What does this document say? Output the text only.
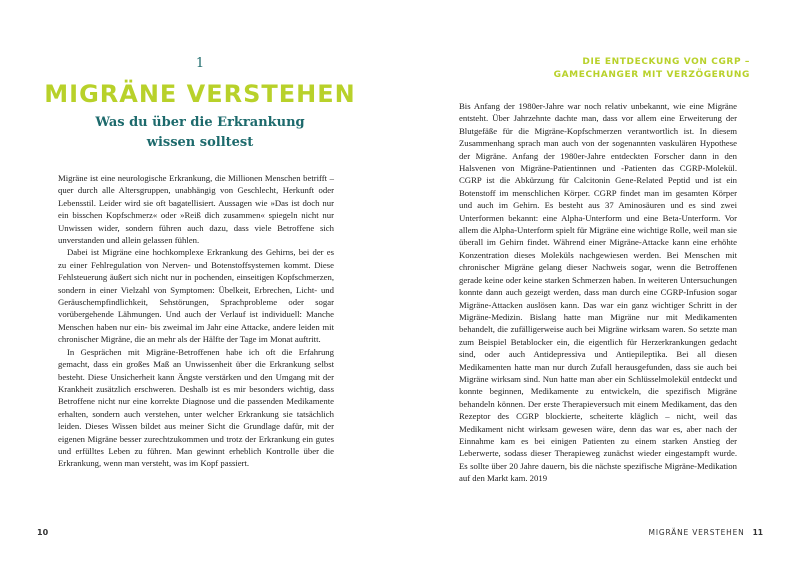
1
MIGRÄNE VERSTEHEN
Was du über die Erkrankung
wissen solltest

Migräne ist eine neurologische Erkrankung, die Millionen Menschen betrifft – quer durch alle Altersgruppen, unabhängig von Geschlecht, Herkunft oder Lebensstil. Leider wird sie oft bagatellisiert. Aussagen wie »Das ist doch nur ein bisschen Kopfschmerz« oder »Reiß dich zusammen« spiegeln nicht nur Unwissen wider, sondern führen auch dazu, dass viele Betroffene sich unverstanden und allein gelassen fühlen.

Dabei ist Migräne eine hochkomplexe Erkrankung des Gehirns, bei der es zu einer Fehlregulation von Nerven- und Botenstoffsystemen kommt. Diese Fehlsteuerung äußert sich nicht nur in pochenden, einseitigen Kopfschmerzen, sondern in einer Vielzahl von Symptomen: Übelkeit, Erbrechen, Licht- und Geräuschempfindlichkeit, Sehstörungen, Sprachprobleme oder sogar vorübergehende Lähmungen. Und auch der Verlauf ist individuell: Manche Menschen haben nur ein- bis zweimal im Jahr eine Attacke, andere leiden mit chronischer Migräne, die an mehr als der Hälfte der Tage im Monat auftritt.

In Gesprächen mit Migräne-Betroffenen habe ich oft die Erfahrung gemacht, dass ein großes Maß an Unwissenheit über die Erkrankung selbst besteht. Diese Unsicherheit kann Ängste verstärken und den Umgang mit der Krankheit zusätzlich erschweren. Deshalb ist es mir besonders wichtig, dass Betroffene nicht nur eine korrekte Diagnose und die passenden Medikamente erhalten, sondern auch verstehen, unter welcher Erkrankung sie tatsächlich leiden. Dieses Wissen bildet aus meiner Sicht die Grundlage dafür, mit der eigenen Migräne besser zurechtzukommen und trotz der Erkrankung ein gutes und erfülltes Leben zu führen. Man gewinnt erheblich Kontrolle über die Erkrankung, wenn man versteht, was im Kopf passiert.

10
DIE ENTDECKUNG VON CGRP –
GAMECHANGER MIT VERZÖGERUNG

Bis Anfang der 1980er-Jahre war noch relativ unbekannt, wie eine Migräne entsteht. Über Jahrzehnte dachte man, dass vor allem eine Erweiterung der Blutgefäße für die Migräne-Kopfschmerzen verantwortlich ist. In diesem Zusammenhang sprach man auch von der sogenannten vaskulären Hypothese der Migräne. Anfang der 1980er-Jahre entdeckten Forscher dann in den Halsvenen von Migräne-Patientinnen und -Patienten das CGRP-Molekül. CGRP ist die Abkürzung für Calcitonin Gene-Related Peptid und ist ein Botenstoff im menschlichen Körper. CGRP findet man im gesamten Körper und auch im Gehirn. Es besteht aus 37 Aminosäuren und es sind zwei Unterformen bekannt: eine Alpha-Unterform und eine Beta-Unterform. Vor allem die Alpha-Unterform spielt für Migräne eine wichtige Rolle, weil man sie überall im Gehirn findet. Während einer Migräne-Attacke kann eine erhöhte Konzentration dieses Moleküls nachgewiesen werden. Bei Menschen mit chronischer Migräne gelang dieser Nachweis sogar, wenn die Betroffenen gerade keine oder keine starken Schmerzen haben. In weiteren Untersuchungen konnte dann auch gezeigt werden, dass man durch eine CGRP-Infusion sogar Migräne-Attacken auslösen kann. Das war ein ganz wichtiger Schritt in der Migräne-Medizin. Bislang hatte man Migräne nur mit Medikamenten behandelt, die zufälligerweise auch bei Migräne wirksam waren. So setzte man zum Beispiel Betablocker ein, die eigentlich für Herzerkrankungen gedacht sind, oder auch Antidepressiva und Antiepileptika. Bei all diesen Medikamenten hatte man nur durch Zufall herausgefunden, dass sie auch bei Migräne wirksam sind. Nun hatte man aber ein Schlüsselmolekül entdeckt und konnte beginnen, Medikamente zu entwickeln, die spezifisch Migräne behandeln können. Der erste Therapieversuch mit einem Medikament, das den Rezeptor des CGRP blockierte, scheiterte kläglich – nicht, weil das Medikament nicht wirksam gewesen wäre, denn das war es, aber nach der Einnahme kam es bei einigen Patienten zu einem starken Anstieg der Leberwerte, sodass dieser Therapieweg zunächst wieder eingestampft wurde. Es sollte über 20 Jahre dauern, bis die nächste spezifische Migräne-Medikation auf den Markt kam. 2019

MIGRÄNE VERSTEHEN 11
